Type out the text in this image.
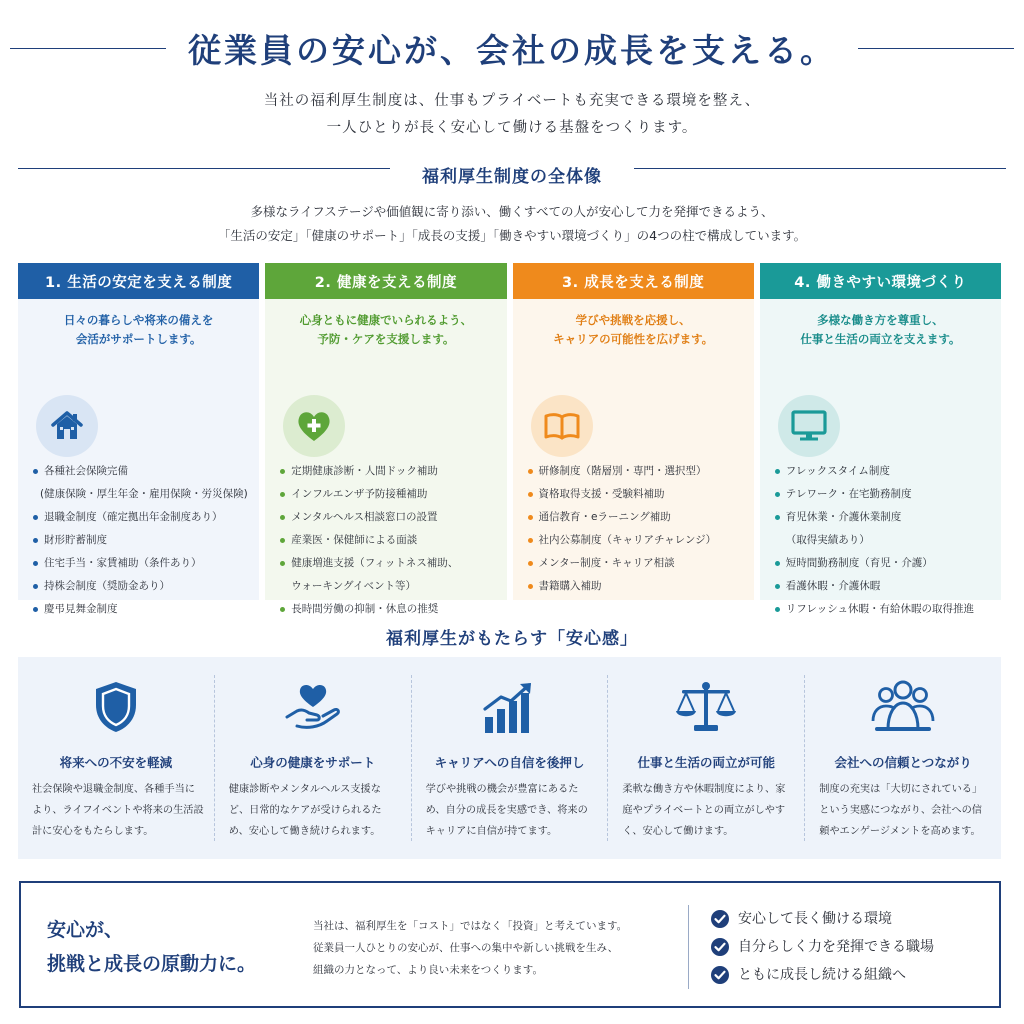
従業員の安心が、会社の成長を支える。
当社の福利厚生制度は、仕事もプライベートも充実できる環境を整え、
一人ひとりが長く安心して働ける基盤をつくります。
福利厚生制度の全体像
多様なライフステージや価値観に寄り添い、働くすべての人が安心して力を発揮できるよう、
「生活の安定」「健康のサポート」「成長の支援」「働きやすい環境づくり」の4つの柱で構成しています。
1. 生活の安定を支える制度
日々の暮らしや将来の備えを
会活がサポートします。
各種社会保険完備
(健康保険・厚生年金・雇用保険・労災保険)
退職金制度（確定拠出年金制度あり）
財形貯蓄制度
住宅手当・家賃補助（条件あり）
持株会制度（奨励金あり）
慶弔見舞金制度
2. 健康を支える制度
心身ともに健康でいられるよう、
予防・ケアを支援します。
定期健康診断・人間ドック補助
インフルエンザ予防接種補助
メンタルヘルス相談窓口の設置
産業医・保健師による面談
健康増進支援（フィットネス補助、
ウォーキングイベント等）
長時間労働の抑制・休息の推奨
3. 成長を支える制度
学びや挑戦を応援し、
キャリアの可能性を広げます。
研修制度（階層別・専門・選択型）
資格取得支援・受験料補助
通信教育・eラーニング補助
社内公募制度（キャリアチャレンジ）
メンター制度・キャリア相談
書籍購入補助
4. 働きやすい環境づくり
多様な働き方を尊重し、
仕事と生活の両立を支えます。
フレックスタイム制度
テレワーク・在宅勤務制度
育児休業・介護休業制度
（取得実績あり）
短時間勤務制度（育児・介護）
看護休暇・介護休暇
リフレッシュ休暇・有給休暇の取得推進
福利厚生がもたらす「安心感」
将来への不安を軽減
社会保険や退職金制度、各種手当により、ライフイベントや将来の生活設計に安心をもたらします。
心身の健康をサポート
健康診断やメンタルヘルス支援など、日常的なケアが受けられるため、安心して働き続けられます。
キャリアへの自信を後押し
学びや挑戦の機会が豊富にあるため、自分の成長を実感でき、将来のキャリアに自信が持てます。
仕事と生活の両立が可能
柔軟な働き方や休暇制度により、家庭やプライベートとの両立がしやすく、安心して働けます。
会社への信頼とつながり
制度の充実は「大切にされている」という実感につながり、会社への信頼やエンゲージメントを高めます。
安心が、
挑戦と成長の原動力に。
当社は、福利厚生を「コスト」ではなく「投資」と考えています。
従業員一人ひとりの安心が、仕事への集中や新しい挑戦を生み、
組織の力となって、より良い未来をつくります。
安心して長く働ける環境
自分らしく力を発揮できる職場
ともに成長し続ける組織へ
